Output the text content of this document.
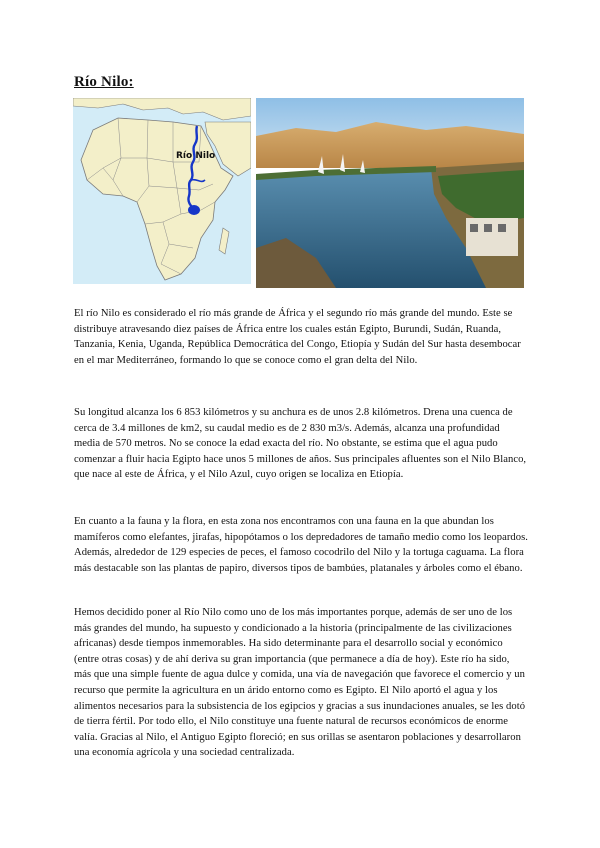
Río Nilo:
Río Nilo

El río Nilo es considerado el río más grande de África y el segundo río más grande del mundo. Este se distribuye atravesando diez países de África entre los cuales están Egipto, Burundi, Sudán, Ruanda, Tanzania, Kenia, Uganda, República Democrática del Congo, Etiopía y Sudán del Sur hasta desembocar en el mar Mediterráneo, formando lo que se conoce como el gran delta del Nilo.

Su longitud alcanza los 6 853 kilómetros y su anchura es de unos 2.8 kilómetros. Drena una cuenca de cerca de 3.4 millones de km2, su caudal medio es de 2 830 m3/s. Además, alcanza una profundidad media de 570 metros. No se conoce la edad exacta del río. No obstante, se estima que el agua pudo comenzar a fluir hacia Egipto hace unos 5 millones de años. Sus principales afluentes son el Nilo Blanco, que nace al este de África, y el Nilo Azul, cuyo origen se localiza en Etiopía.

En cuanto a la fauna y la flora, en esta zona nos encontramos con una fauna en la que abundan los mamíferos como elefantes, jirafas, hipopótamos o los depredadores de tamaño medio como los leopardos. Además, alrededor de 129 especies de peces, el famoso cocodrilo del Nilo y la tortuga caguama. La flora más destacable son las plantas de papiro, diversos tipos de bambúes, platanales y árboles como el ébano.

Hemos decidido poner al Río Nilo como uno de los más importantes porque, además de ser uno de los más grandes del mundo, ha supuesto y condicionado a la historia (principalmente de las civilizaciones africanas) desde tiempos inmemorables. Ha sido determinante para el desarrollo social y económico (entre otras cosas) y de ahí deriva su gran importancia (que permanece a día de hoy). Este río ha sido, más que una simple fuente de agua dulce y comida, una vía de navegación que favorece el comercio y un recurso que permite la agricultura en un árido entorno como es Egipto. El Nilo aportó el agua y los alimentos necesarios para la subsistencia de los egipcios y gracias a sus inundaciones anuales, se les dotó de tierra fértil. Por todo ello, el Nilo constituye una fuente natural de recursos económicos de enorme valía. Gracias al Nilo, el Antiguo Egipto floreció; en sus orillas se asentaron poblaciones y desarrollaron una economía agrícola y una sociedad centralizada.
